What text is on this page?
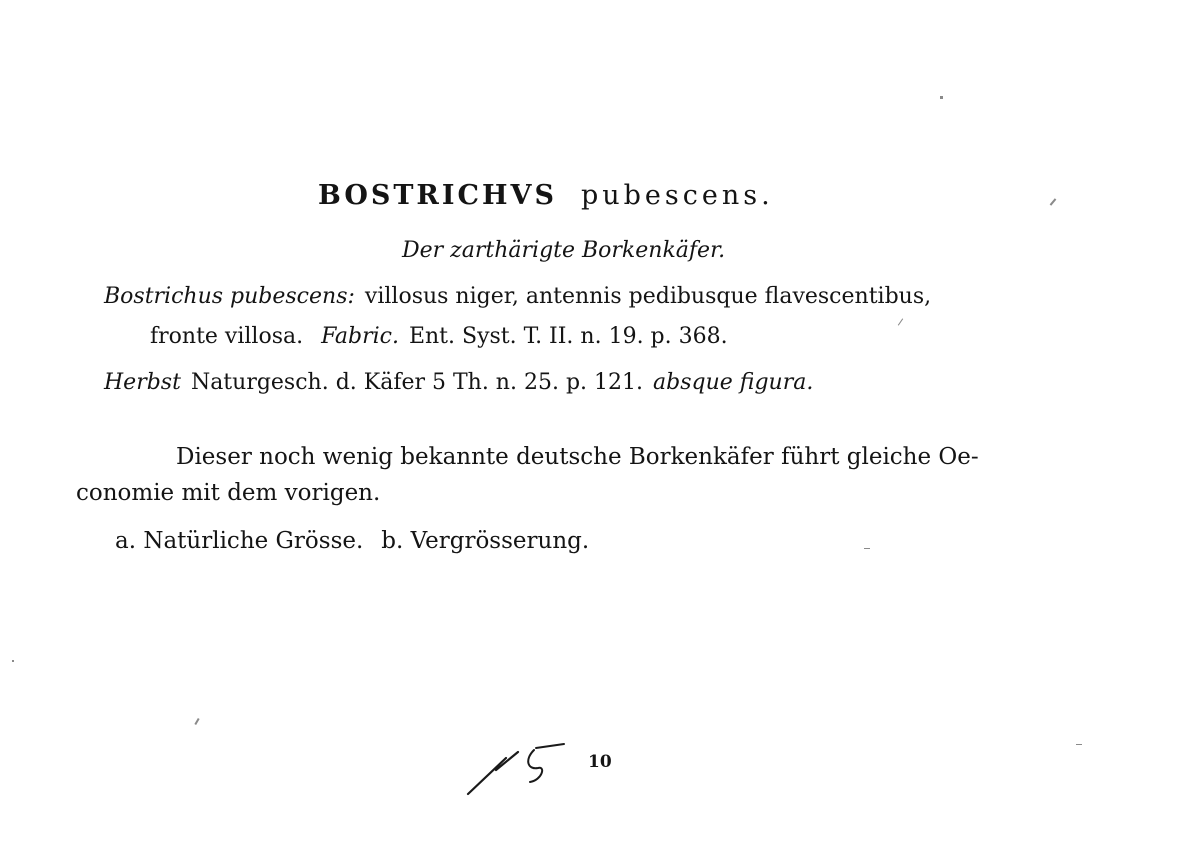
BOSTRICHVS pubescens.
Der zarthärigte Borkenkäfer.
Bostrichus pubescens: villosus niger, antennis pedibusque flavescentibus,
fronte villosa. Fabric. Ent. Syst. T. II. n. 19. p. 368.
Herbst Naturgesch. d. Käfer 5 Th. n. 25. p. 121. absque figura.
Dieser noch wenig bekannte deutsche Borkenkäfer führt gleiche Oe-
conomie mit dem vorigen.
a. Natürliche Grösse. b. Vergrösserung.
10
